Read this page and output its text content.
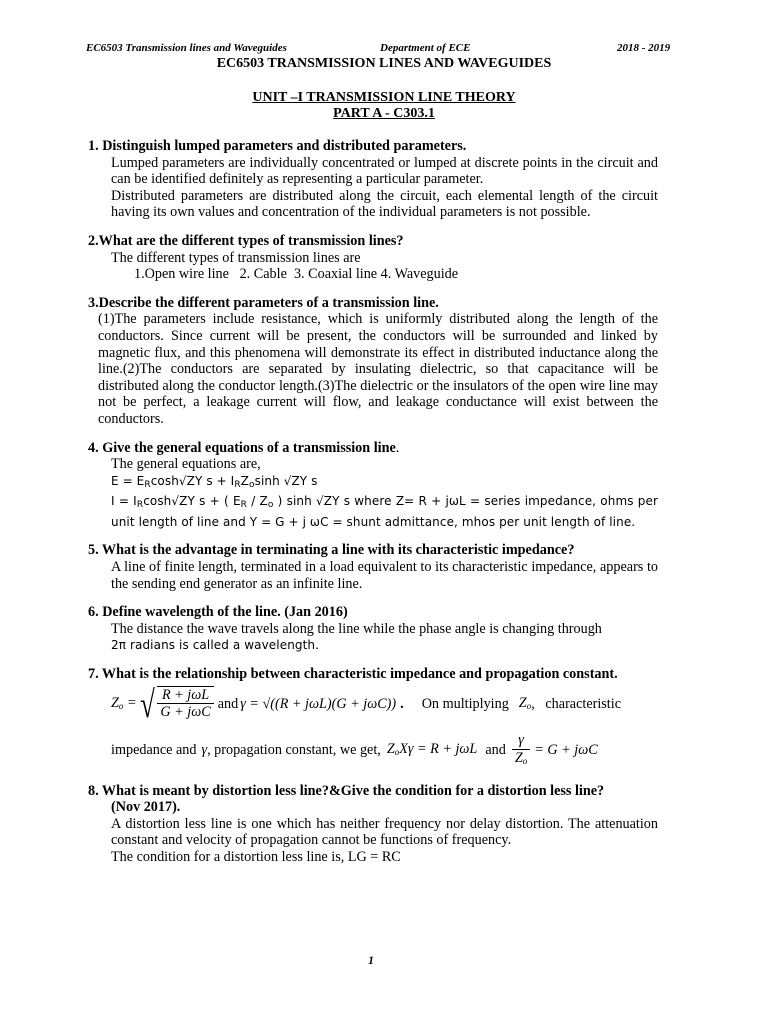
EC6503 Transmission lines and Waveguides	Department of ECE	2018 - 2019
EC6503 TRANSMISSION LINES AND WAVEGUIDES
UNIT –I TRANSMISSION LINE THEORY
PART A - C303.1
1. Distinguish lumped parameters and distributed parameters.
Lumped parameters are individually concentrated or lumped at discrete points in the circuit and can be identified definitely as representing a particular parameter.
Distributed parameters are distributed along the circuit, each elemental length of the circuit having its own values and concentration of the individual parameters is not possible.
2.What are the different types of transmission lines?
The different types of transmission lines are
1.Open wire line   2. Cable  3. Coaxial line 4. Waveguide
3.Describe the different parameters of a transmission line.
(1)The parameters include resistance, which is uniformly distributed along the length of the conductors. Since current will be present, the conductors will be surrounded and linked by magnetic flux, and this phenomena will demonstrate its effect in distributed inductance along the line.(2)The conductors are separated by insulating dielectric, so that capacitance will be distributed along the conductor length.(3)The dielectric or the insulators of the open wire line may not be perfect, a leakage current will flow, and leakage conductance will exist between the conductors.
4. Give the general equations of a transmission line.
The general equations are,
E = ERcosh√ZY s + IRZosinh √ZY s
I = IRcosh√ZY s + ( ER / Zo ) sinh √ZY s where Z= R + jωL = series impedance, ohms per unit length of line and Y = G + j ωC = shunt admittance, mhos per unit length of line.
5. What is the advantage in terminating a line with its characteristic impedance?
A line of finite length, terminated in a load equivalent to its characteristic impedance, appears to the sending end generator as an infinite line.
6. Define wavelength of the line. (Jan 2016)
The distance the wave travels along the line while the phase angle is changing through
2π radians is called a wavelength.
7. What is the relationship between characteristic impedance and propagation constant.
$Z_o$ = √ $\frac{\text{R + jωL}}{\text{G + jωC}}$ and γ = √((R + jωL)(G + jωC)) . On multiplying $Z_o$ ,   characteristic
impedance and γ , propagation constant, we get, $Z_oX\gamma = R + j\omega L$ and $\frac{\gamma}{Z_o} = G + j\omega C$
8. What is meant by distortion less line?&Give the condition for a distortion less line?
(Nov 2017).
A distortion less line is one which has neither frequency nor delay distortion. The attenuation constant and velocity of propagation cannot be functions of frequency.
The condition for a distortion less line is, LG = RC
1
